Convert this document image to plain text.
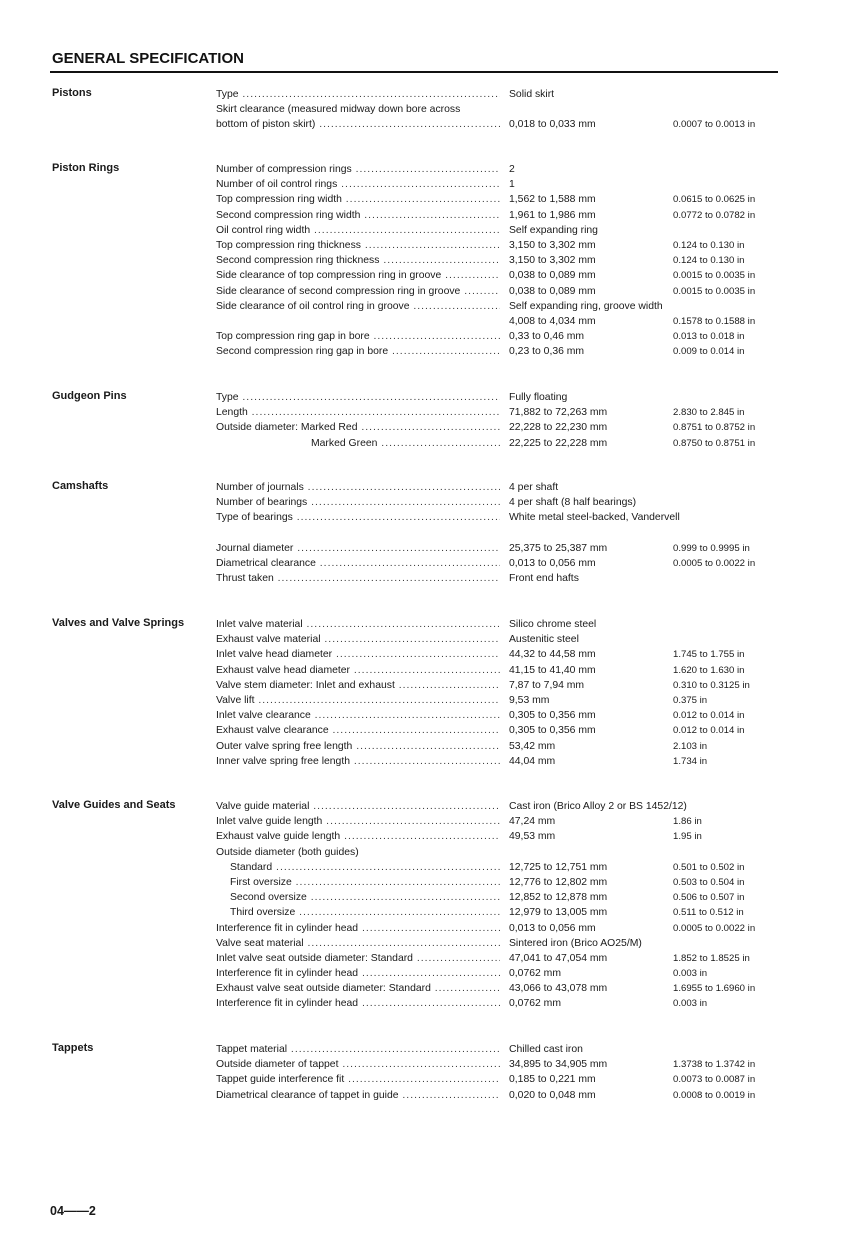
GENERAL SPECIFICATION
Pistons	Type .....	Solid skirt
Skirt clearance (measured midway down bore across
bottom of piston skirt) .....	0,018 to 0,033 mm	0.0007 to 0.0013 in
Piston Rings	Number of compression rings .....	2
Number of oil control rings .....	1
Top compression ring width .....	1,562 to 1,588 mm	0.0615 to 0.0625 in
Second compression ring width .....	1,961 to 1,986 mm	0.0772 to 0.0782 in
Oil control ring width .....	Self expanding ring
Top compression ring thickness .....	3,150 to 3,302 mm	0.124 to 0.130 in
Second compression ring thickness .....	3,150 to 3,302 mm	0.124 to 0.130 in
Side clearance of top compression ring in groove .....	0,038 to 0,089 mm	0.0015 to 0.0035 in
Side clearance of second compression ring in groove .....	0,038 to 0,089 mm	0.0015 to 0.0035 in
Side clearance of oil control ring in groove .....	Self expanding ring, groove width
4,008 to 4,034 mm	0.1578 to 0.1588 in
Top compression ring gap in bore .....	0,33 to 0,46 mm	0.013 to 0.018 in
Second compression ring gap in bore .....	0,23 to 0,36 mm	0.009 to 0.014 in
Gudgeon Pins	Type .....	Fully floating
Length .....	71,882 to 72,263 mm	2.830 to 2.845 in
Outside diameter: Marked Red .....	22,228 to 22,230 mm	0.8751 to 0.8752 in
Marked Green .....	22,225 to 22,228 mm	0.8750 to 0.8751 in
Camshafts	Number of journals .....	4 per shaft
Number of bearings .....	4 per shaft (8 half bearings)
Type of bearings .....	White metal steel-backed, Vandervell
Journal diameter .....	25,375 to 25,387 mm	0.999 to 0.9995 in
Diametrical clearance .....	0,013 to 0,056 mm	0.0005 to 0.0022 in
Thrust taken .....	Front end hafts
Valves and Valve Springs	Inlet valve material .....	Silico chrome steel
Exhaust valve material .....	Austenitic steel
Inlet valve head diameter .....	44,32 to 44,58 mm	1.745 to 1.755 in
Exhaust valve head diameter .....	41,15 to 41,40 mm	1.620 to 1.630 in
Valve stem diameter: Inlet and exhaust .....	7,87 to 7,94 mm	0.310 to 0.3125 in
Valve lift .....	9,53 mm	0.375 in
Inlet valve clearance .....	0,305 to 0,356 mm	0.012 to 0.014 in
Exhaust valve clearance .....	0,305 to 0,356 mm	0.012 to 0.014 in
Outer valve spring free length .....	53,42 mm	2.103 in
Inner valve spring free length .....	44,04 mm	1.734 in
Valve Guides and Seats	Valve guide material .....	Cast iron (Brico Alloy 2 or BS 1452/12)
Inlet valve guide length .....	47,24 mm	1.86 in
Exhaust valve guide length .....	49,53 mm	1.95 in
Outside diameter (both guides)
Standard .....	12,725 to 12,751 mm	0.501 to 0.502 in
First oversize .....	12,776 to 12,802 mm	0.503 to 0.504 in
Second oversize .....	12,852 to 12,878 mm	0.506 to 0.507 in
Third oversize .....	12,979 to 13,005 mm	0.511 to 0.512 in
Interference fit in cylinder head .....	0,013 to 0,056 mm	0.0005 to 0.0022 in
Valve seat material .....	Sintered iron (Brico AO25/M)
Inlet valve seat outside diameter: Standard .....	47,041 to 47,054 mm	1.852 to 1.8525 in
Interference fit in cylinder head .....	0,0762 mm	0.003 in
Exhaust valve seat outside diameter: Standard .....	43,066 to 43,078 mm	1.6955 to 1.6960 in
Interference fit in cylinder head .....	0,0762 mm	0.003 in
Tappets	Tappet material .....	Chilled cast iron
Outside diameter of tappet .....	34,895 to 34,905 mm	1.3738 to 1.3742 in
Tappet guide interference fit .....	0,185 to 0,221 mm	0.0073 to 0.0087 in
Diametrical clearance of tappet in guide .....	0,020 to 0,048 mm	0.0008 to 0.0019 in
04——2
